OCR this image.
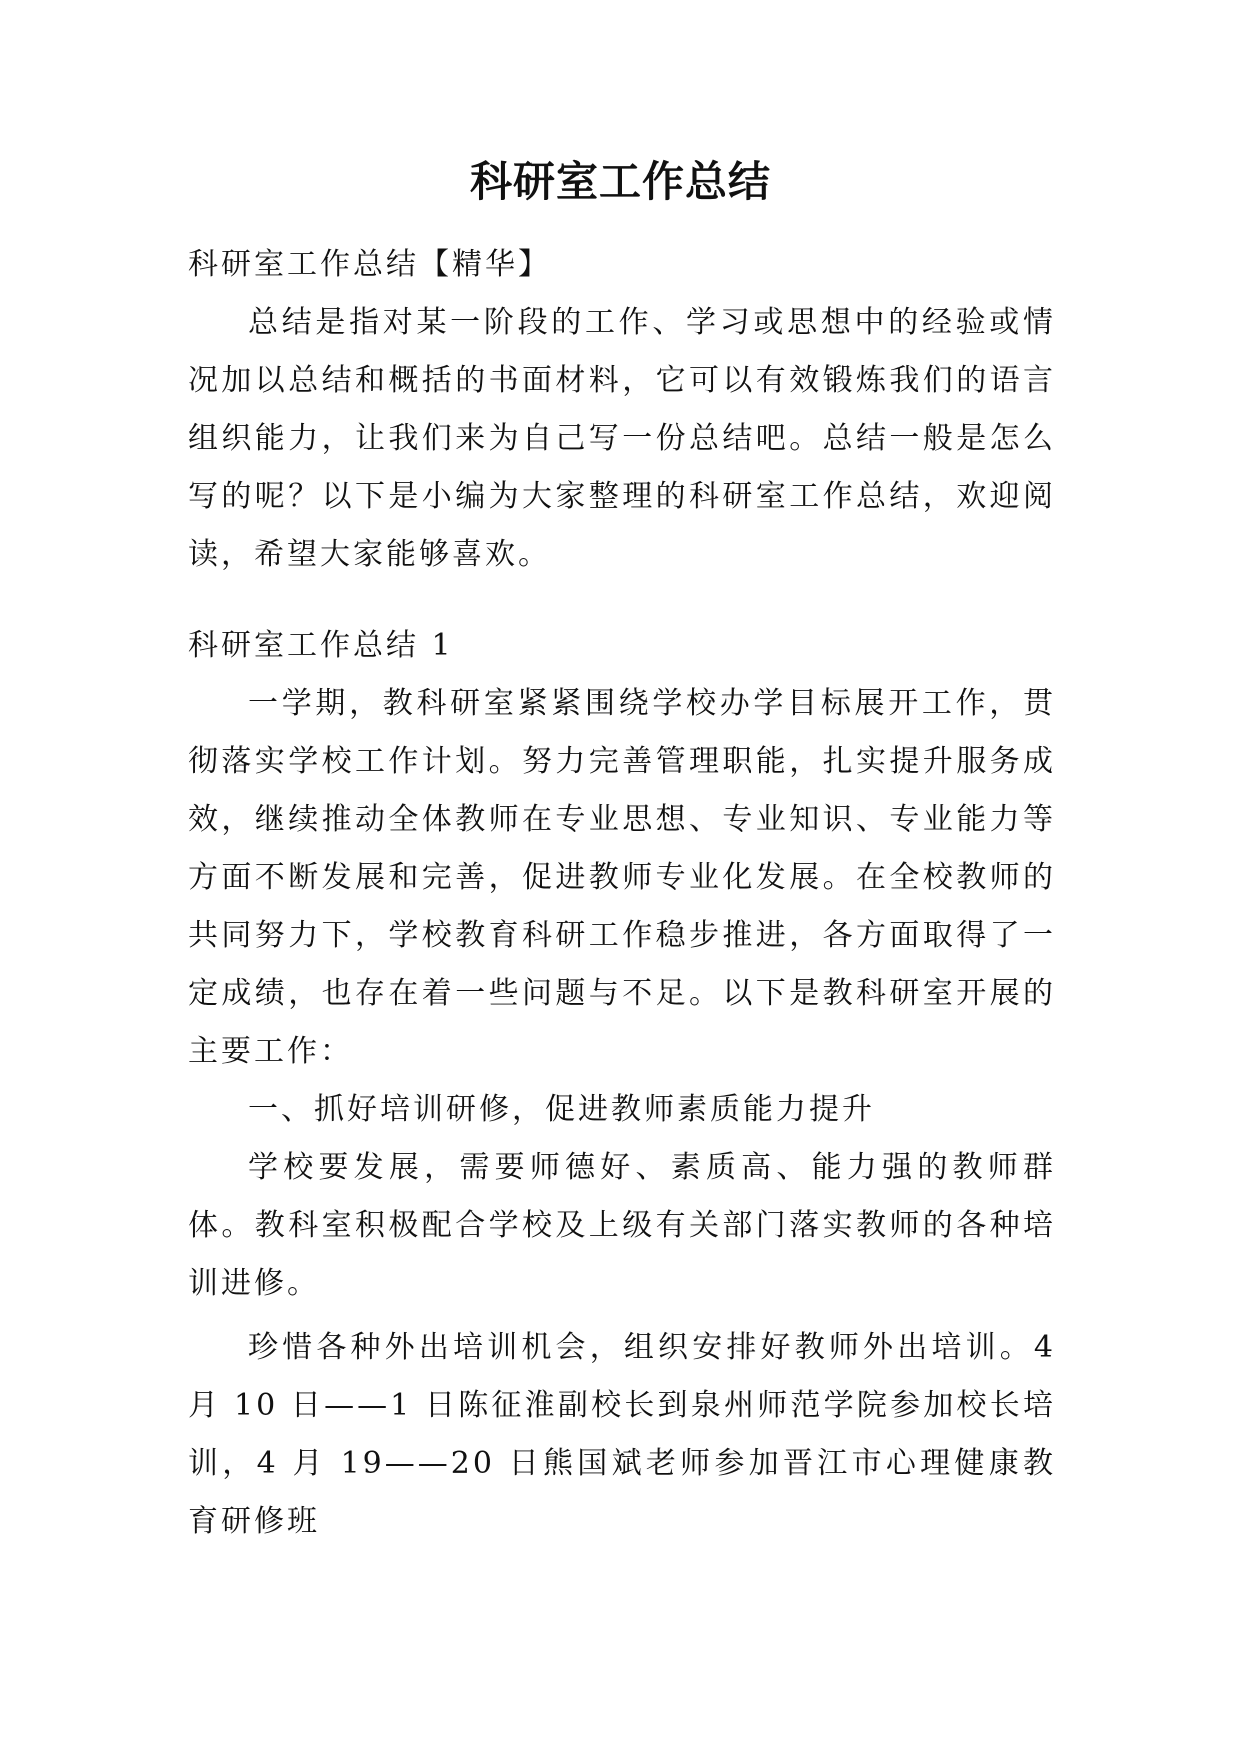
科研室工作总结

科研室工作总结【精华】

总结是指对某一阶段的工作、学习或思想中的经验或情况加以总结和概括的书面材料，它可以有效锻炼我们的语言组织能力，让我们来为自己写一份总结吧。总结一般是怎么写的呢？以下是小编为大家整理的科研室工作总结，欢迎阅读，希望大家能够喜欢。

科研室工作总结 1

一学期，教科研室紧紧围绕学校办学目标展开工作，贯彻落实学校工作计划。努力完善管理职能，扎实提升服务成效，继续推动全体教师在专业思想、专业知识、专业能力等方面不断发展和完善，促进教师专业化发展。在全校教师的共同努力下，学校教育科研工作稳步推进，各方面取得了一定成绩，也存在着一些问题与不足。以下是教科研室开展的主要工作：

一、抓好培训研修，促进教师素质能力提升

学校要发展，需要师德好、素质高、能力强的教师群体。教科室积极配合学校及上级有关部门落实教师的各种培训进修。

珍惜各种外出培训机会，组织安排好教师外出培训。4月 10 日——1 日陈征淮副校长到泉州师范学院参加校长培训，4 月 19——20 日熊国斌老师参加晋江市心理健康教育研修班
